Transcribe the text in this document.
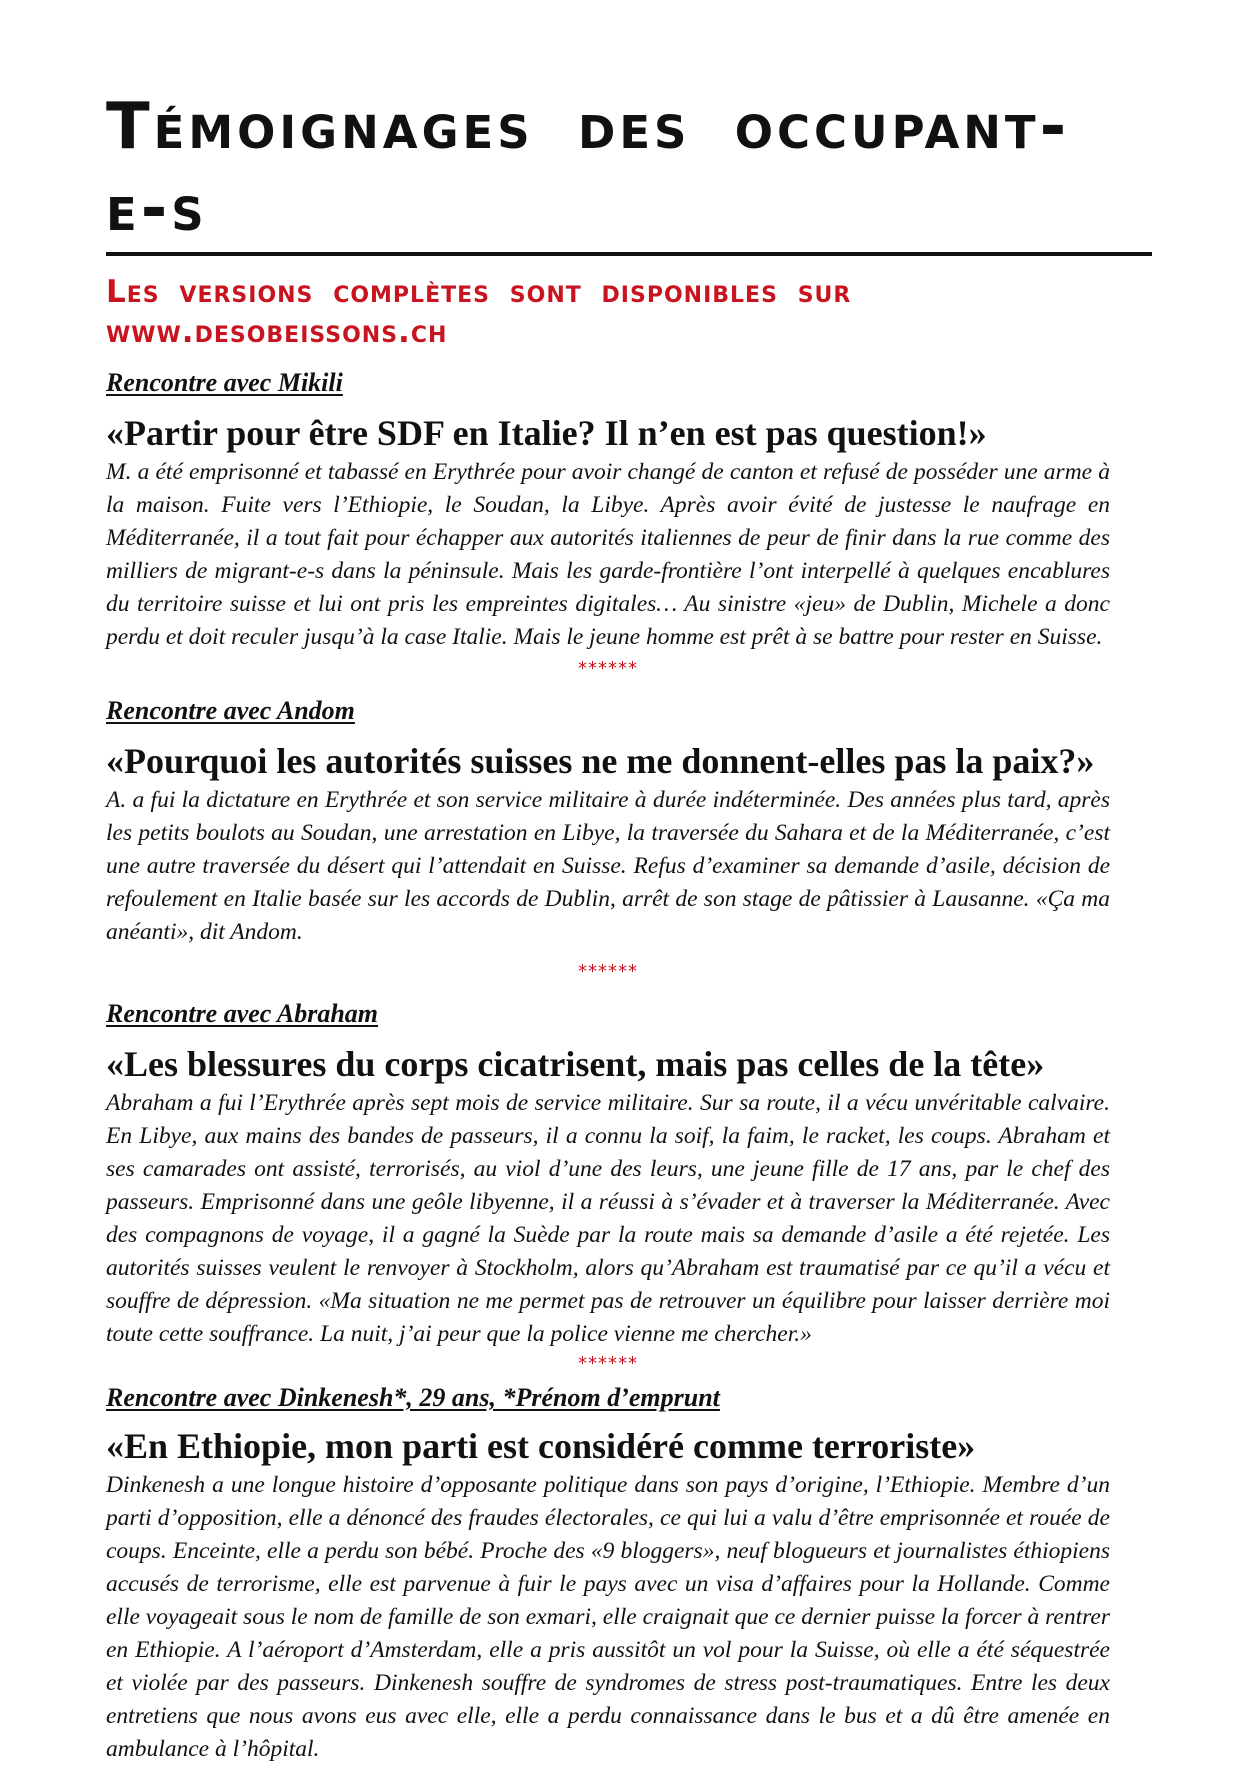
Témoignages des occupant-e-s

Les versions complètes sont disponibles sur www.desobeissons.ch

Rencontre avec Mikili

«Partir pour être SDF en Italie? Il n’en est pas question!»

M. a été emprisonné et tabassé en Erythrée pour avoir changé de canton et refusé de posséder une arme à la maison. Fuite vers l’Ethiopie, le Soudan, la Libye. Après avoir évité de justesse le naufrage en Méditerranée, il a tout fait pour échapper aux autorités italiennes de peur de finir dans la rue comme des milliers de migrant-e-s dans la péninsule. Mais les garde-frontière l’ont interpellé à quelques encablures du territoire suisse et lui ont pris les empreintes digitales… Au sinistre «jeu» de Dublin, Michele a donc perdu et doit reculer jusqu’à la case Italie. Mais le jeune homme est prêt à se battre pour rester en Suisse.

******

Rencontre avec Andom

«Pourquoi les autorités suisses ne me donnent-elles pas la paix?»

A. a fui la dictature en Erythrée et son service militaire à durée indéterminée. Des années plus tard, après les petits boulots au Soudan, une arrestation en Libye, la traversée du Sahara et de la Méditerranée, c’est une autre traversée du désert qui l’attendait en Suisse. Refus d’examiner sa demande d’asile, décision de refoulement en Italie basée sur les accords de Dublin, arrêt de son stage de pâtissier à Lausanne. «Ça ma anéanti», dit Andom.

******

Rencontre avec Abraham

«Les blessures du corps cicatrisent, mais pas celles de la tête»

Abraham a fui l’Erythrée après sept mois de service militaire. Sur sa route, il a vécu unvéritable calvaire. En Libye, aux mains des bandes de passeurs, il a connu la soif, la faim, le racket, les coups. Abraham et ses camarades ont assisté, terrorisés, au viol d’une des leurs, une jeune fille de 17 ans, par le chef des passeurs. Emprisonné dans une geôle libyenne, il a réussi à s’évader et à traverser la Méditerranée. Avec des compagnons de voyage, il a gagné la Suède par la route mais sa demande d’asile a été rejetée. Les autorités suisses veulent le renvoyer à Stockholm, alors qu’Abraham est traumatisé par ce qu’il a vécu et souffre de dépression. «Ma situation ne me permet pas de retrouver un équilibre pour laisser derrière moi toute cette souffrance. La nuit, j’ai peur que la police vienne me chercher.»

******

Rencontre avec Dinkenesh*, 29 ans, *Prénom d’emprunt

«En Ethiopie, mon parti est considéré comme terroriste»

Dinkenesh a une longue histoire d’opposante politique dans son pays d’origine, l’Ethiopie. Membre d’un parti d’opposition, elle a dénoncé des fraudes électorales, ce qui lui a valu d’être emprisonnée et rouée de coups. Enceinte, elle a perdu son bébé. Proche des «9 bloggers», neuf blogueurs et journalistes éthiopiens accusés de terrorisme, elle est parvenue à fuir le pays avec un visa d’affaires pour la Hollande. Comme elle voyageait sous le nom de famille de son exmari, elle craignait que ce dernier puisse la forcer à rentrer en Ethiopie. A l’aéroport d’Amsterdam, elle a pris aussitôt un vol pour la Suisse, où elle a été séquestrée et violée par des passeurs. Dinkenesh souffre de syndromes de stress post-traumatiques. Entre les deux entretiens que nous avons eus avec elle, elle a perdu connaissance dans le bus et a dû être amenée en ambulance à l’hôpital.
